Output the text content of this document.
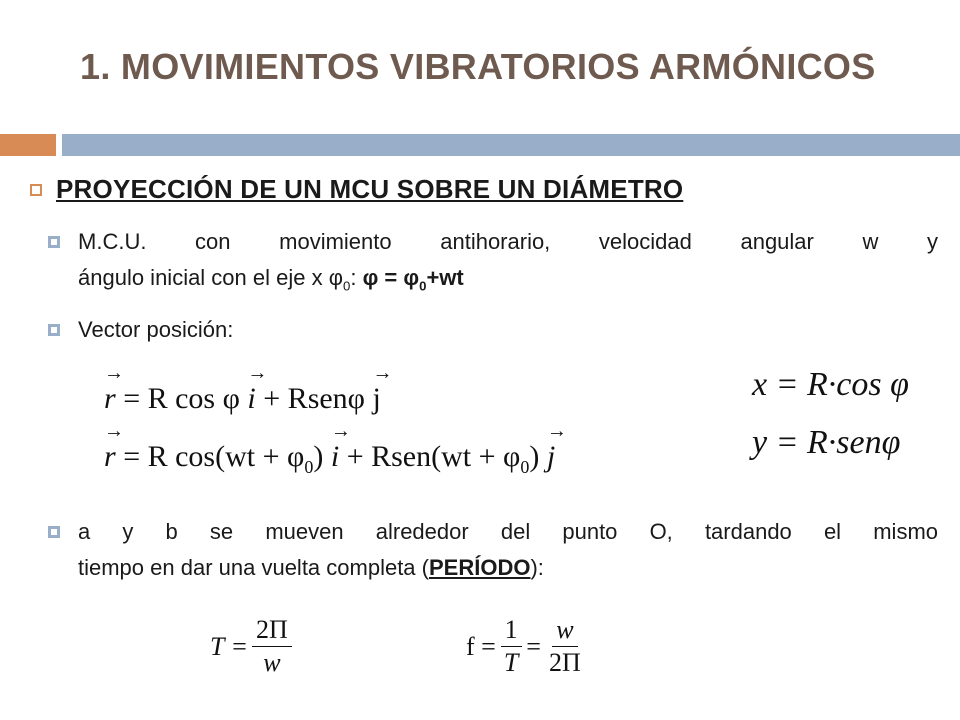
1. MOVIMIENTOS VIBRATORIOS ARMÓNICOS
PROYECCIÓN DE UN MCU SOBRE UN DIÁMETRO
M.C.U. con movimiento antihorario, velocidad angular w y
ángulo inicial con el eje x $\varphi_0$: $\varphi = \varphi_0+wt$
Vector posición:
→ r = R cos φ → i + Rsenφ → j
→ r = R $\cos(wt + \varphi_0) \to i$ + Rsen(wt + $\varphi_0) \to j$
x = R·cos φ
y = R·senφ
a y b se mueven alrededor del punto O, tardando el mismo
tiempo en dar una vuelta completa (PERÍODO):
$T = \frac{2\Pi}{w}$	$f = \frac{1}{T} = \frac{w}{2\Pi}$
